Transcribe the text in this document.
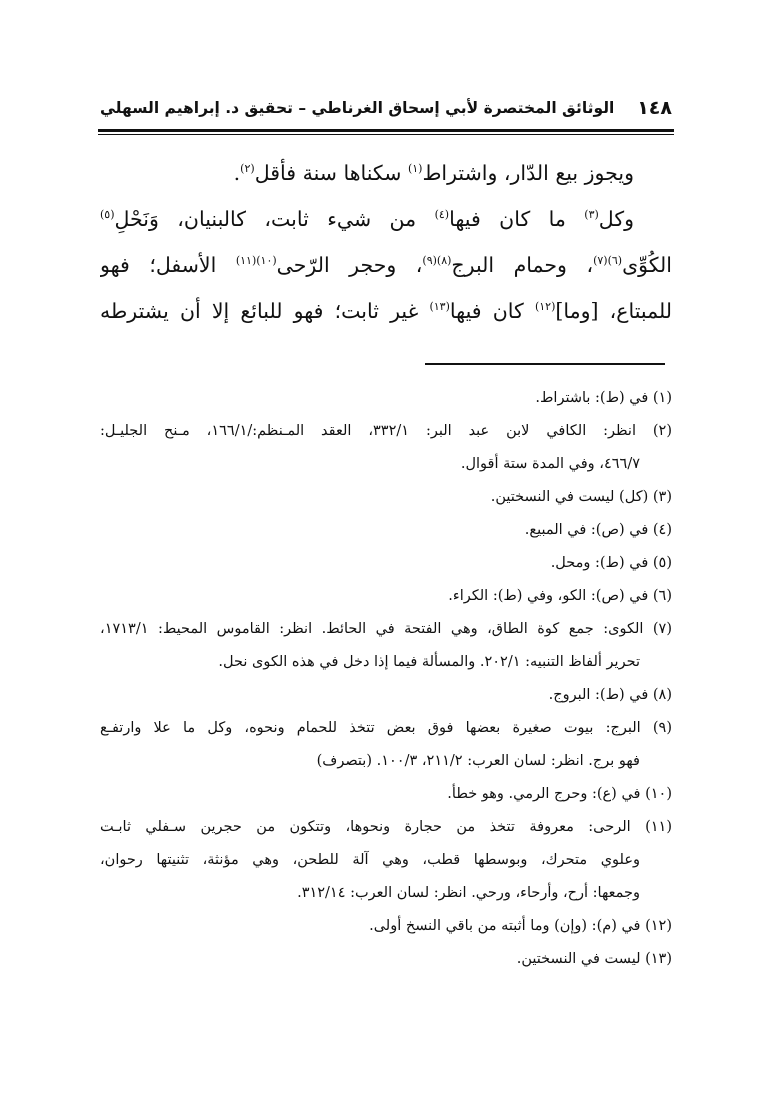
١٤٨
الوثائق المختصرة لأبي إسحاق الغرناطي – تحقيق د. إبراهيم السهلي

ويجوز بيع الدّار، واشتراط$^{(١)}$ سكناها سنة فأقل$^{(٢)}$.

وكل$^{(٣)}$ ما كان فيها$^{(٤)}$ من شيء ثابت، كالبنيان، وَنَحْلِ$^{(٥)}$

الكُوِّى$^{(٦)(٧)}$، وحمام البرج$^{(٨)(٩)}$، وحجر الرّحى$^{(١٠)(١١)}$ الأسفل؛ فهو

للمبتاع، [وما]$^{(١٢)}$ كان فيها$^{(١٣)}$ غير ثابت؛ فهو للبائع إلا أن يشترطه

(١) في (ط): باشتراط.
(٢) انظر: الكافي لابن عبد البر: ٣٣٢/١، العقد المـنظم:/١٦٦/١، مـنح الجليـل:
٤٦٦/٧، وفي المدة ستة أقوال.
(٣) (كل) ليست في النسختين.
(٤) في (ص): في المبيع.
(٥) في (ط): ومحل.
(٦) في (ص): الكو، وفي (ط): الكراء.
(٧) الكوى: جمع كوة الطاق، وهي الفتحة في الحائط. انظر: القاموس المحيط: ١٧١٣/١،
تحرير ألفاظ التنبيه: ٢٠٢/١. والمسألة فيما إذا دخل في هذه الكوى نحل.
(٨) في (ط): البروج.
(٩) البرج: بيوت صغيرة بعضها فوق بعض تتخذ للحمام ونحوه، وكل ما علا وارتفـع
فهو برج. انظر: لسان العرب: ٢١١/٢، ١٠٠/٣. (بتصرف)
(١٠) في (ع): وحرج الرمي. وهو خطأ.
(١١) الرحى: معروفة تتخذ من حجارة ونحوها، وتتكون من حجرين سـفلي ثابـت
وعلوي متحرك، وبوسطها قطب، وهي آلة للطحن، وهي مؤنثة، تثنيتها رحوان،
وجمعها: أرح، وأرحاء، ورحي. انظر: لسان العرب: ٣١٢/١٤.
(١٢) في (م): (وإن) وما أثبته من باقي النسخ أولى.
(١٣) ليست في النسختين.
